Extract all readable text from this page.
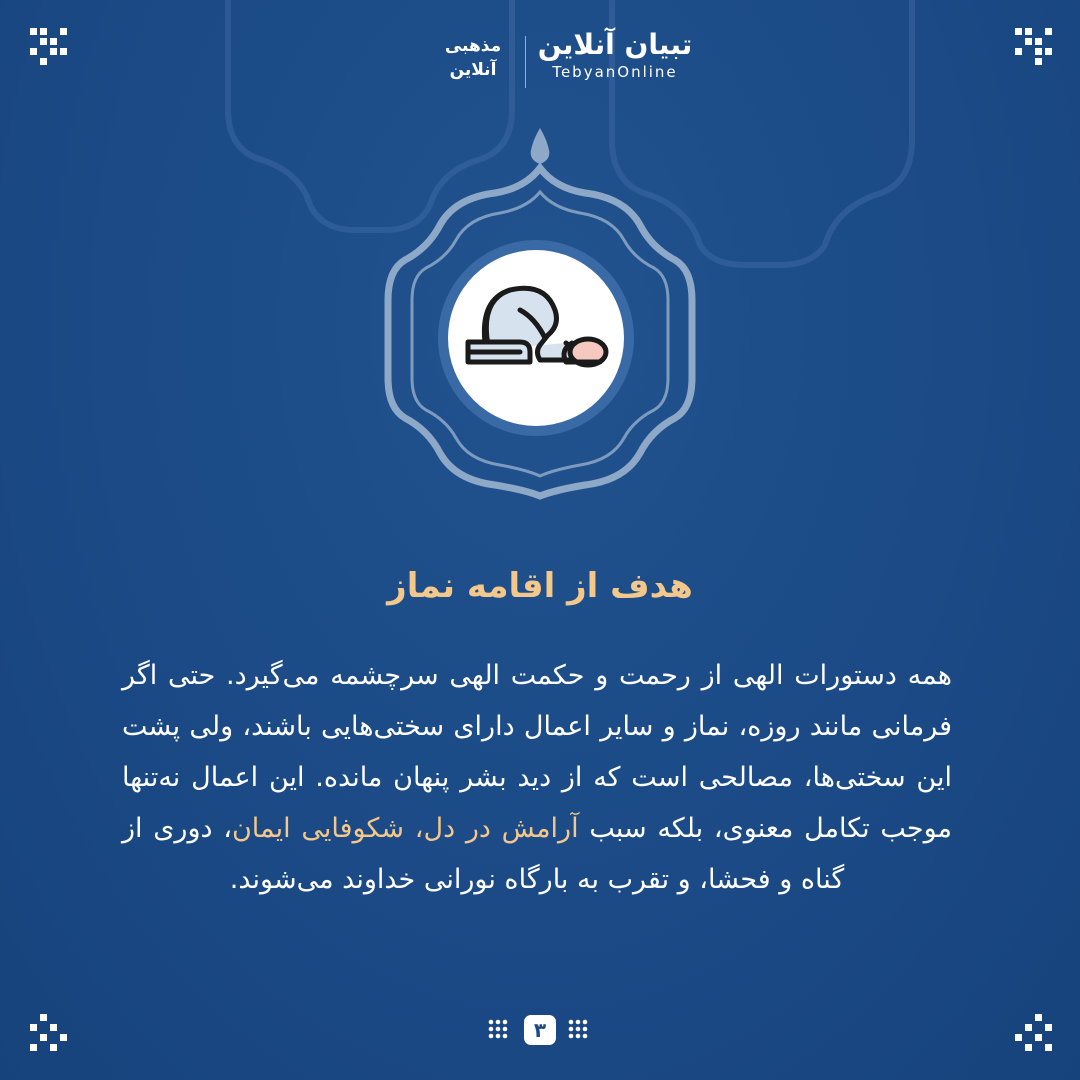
تبیان آنلاین
TebyanOnline
مذهبی
آنلاین
هدف از اقامه نماز
همه دستورات الهی از رحمت و حکمت الهی سرچشمه می‌گیرد. حتی اگر فرمانی مانند روزه، نماز و سایر اعمال دارای سختی‌هایی باشند، ولی پشت این سختی‌ها، مصالحی است که از دید بشر پنهان مانده. این اعمال نه‌تنها موجب تکامل معنوی، بلکه سبب آرامش در دل، شکوفایی ایمان، دوری از گناه و فحشا، و تقرب به بارگاه نورانی خداوند می‌شوند.
۳
